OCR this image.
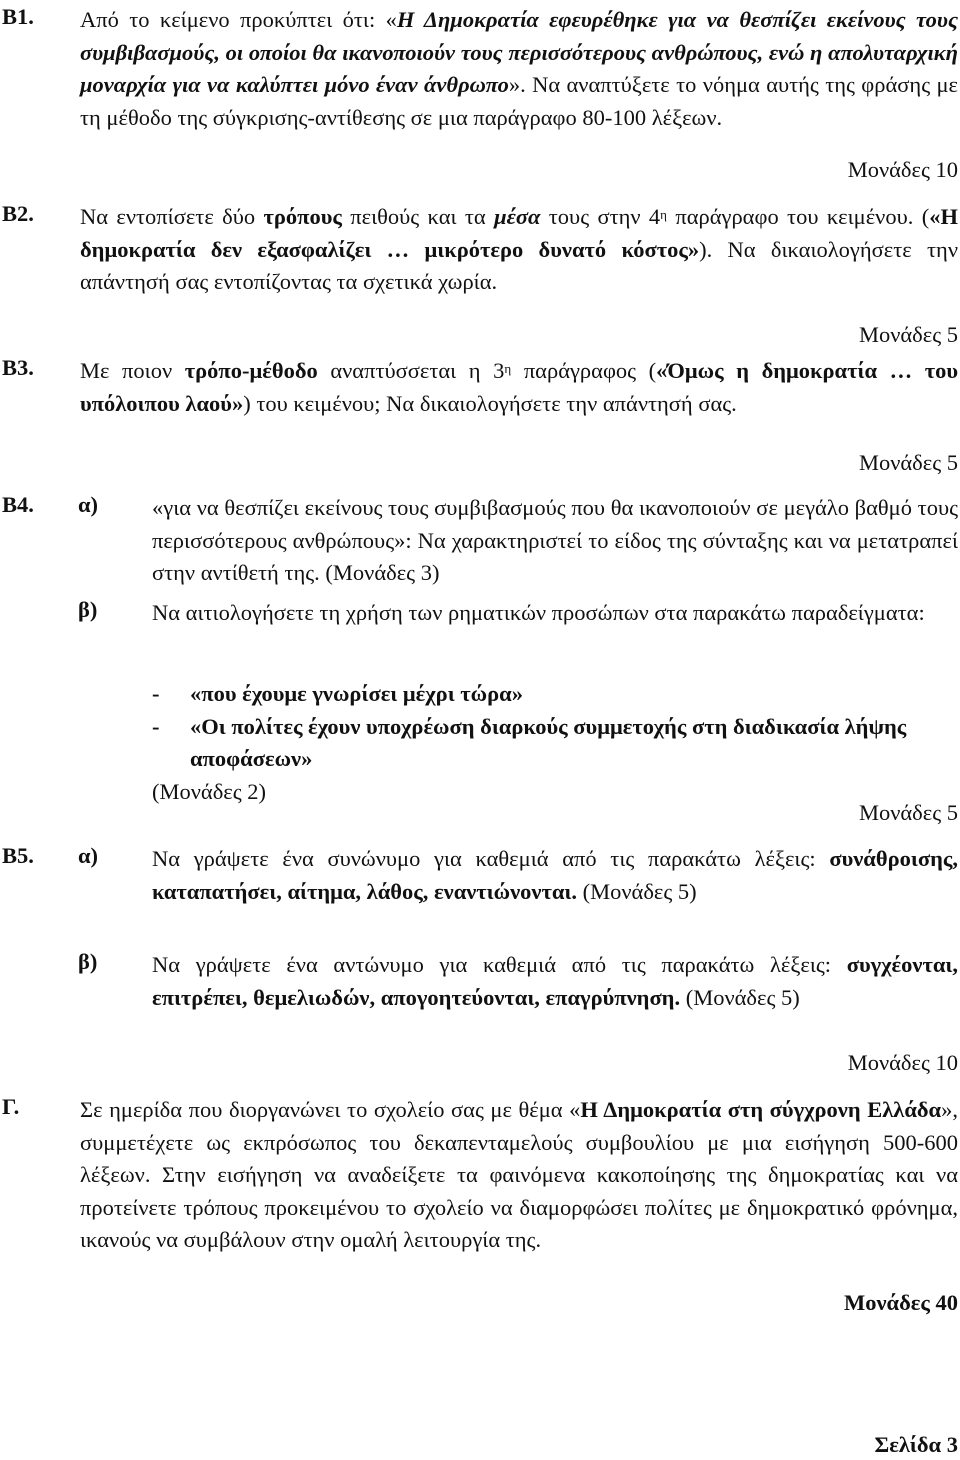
Β1. Από το κείμενο προκύπτει ότι: «Η Δημοκρατία εφευρέθηκε για να θεσπίζει εκείνους τους συμβιβασμούς, οι οποίοι θα ικανοποιούν τους περισσότερους ανθρώπους, ενώ η απολυταρχική μοναρχία για να καλύπτει μόνο έναν άνθρωπο». Να αναπτύξετε το νόημα αυτής της φράσης με τη μέθοδο της σύγκρισης-αντίθεσης σε μια παράγραφο 80-100 λέξεων.
Μονάδες 10
Β2. Να εντοπίσετε δύο τρόπους πειθούς και τα μέσα τους στην $4^\eta$ παράγραφο του κειμένου. («Η δημοκρατία δεν εξασφαλίζει … μικρότερο δυνατό κόστος»). Να δικαιολογήσετε την απάντησή σας εντοπίζοντας τα σχετικά χωρία.
Μονάδες 5
Β3. Με ποιον τρόπο-μέθοδο αναπτύσσεται η $3^\eta$ παράγραφος («Όμως η δημοκρατία … του υπόλοιπου λαού») του κειμένου; Να δικαιολογήσετε την απάντησή σας.
Μονάδες 5
Β4. α) «για να θεσπίζει εκείνους τους συμβιβασμούς που θα ικανοποιούν σε μεγάλο βαθμό τους περισσότερους ανθρώπους»: Να χαρακτηριστεί το είδος της σύνταξης και να μετατραπεί στην αντίθετή της. (Μονάδες 3)
β) Να αιτιολογήσετε τη χρήση των ρηματικών προσώπων στα παρακάτω παραδείγματα:
- «που έχουμε γνωρίσει μέχρι τώρα»
- «Οι πολίτες έχουν υποχρέωση διαρκούς συμμετοχής στη διαδικασία λήψης αποφάσεων»
(Μονάδες 2)
Μονάδες 5
Β5. α) Να γράψετε ένα συνώνυμο για καθεμιά από τις παρακάτω λέξεις: συνάθροισης, καταπατήσει, αίτημα, λάθος, εναντιώνονται. (Μονάδες 5)
β) Να γράψετε ένα αντώνυμο για καθεμιά από τις παρακάτω λέξεις: συγχέονται, επιτρέπει, θεμελιωδών, απογοητεύονται, επαγρύπνηση. (Μονάδες 5)
Μονάδες 10
Γ.	Σε ημερίδα που διοργανώνει το σχολείο σας με θέμα «Η Δημοκρατία στη σύγχρονη Ελλάδα», συμμετέχετε ως εκπρόσωπος του δεκαπενταμελούς συμβουλίου με μια εισήγηση 500-600 λέξεων. Στην εισήγηση να αναδείξετε τα φαινόμενα κακοποίησης της δημοκρατίας και να προτείνετε τρόπους προκειμένου το σχολείο να διαμορφώσει πολίτες με δημοκρατικό φρόνημα, ικανούς να συμβάλουν στην ομαλή λειτουργία της.
Μονάδες 40
Σελίδα 3
